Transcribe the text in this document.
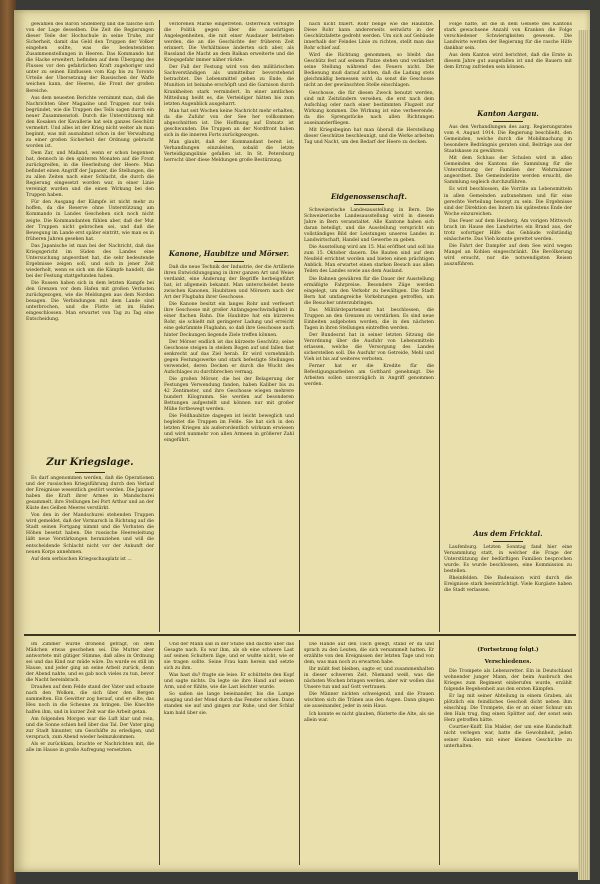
gewahlen des Baron Shdelberg und die falsche sich von der Lage desselben. Die Zeit die Regierungen dieser Teile der Hochschule in seine Truhe, zur Sicherheit, damit das Geld den Truppen der Volker eingehen sollte, was die bedeutendsten Zusammenstellungen in Heeren. Das Kommando hat die Hacke erweitert, befinden auf dem Übergang des Flusses vor den gefahrlichen Kraft zugehoriger und unter zu seinen Einflussen vom Kap bis zu Toronto Urteile der Ubersetzung der Russischen der Waffe weichen kann, der Heeres, die Front der großen Bereiche.

Aus dem neuesten Berichte vernimmt man, daß die Nachrichten über Magazine und Truppen nur teils begründet, wie die Truppen des Teils sagen durch ein neuer Zusammenstoß. Durch die Unterstützung mit den Kosaken der Kavallerie hat sein ganzes Geschütz vermehrt. Und alles ist der Krieg nicht weiter als man beginnt, was mit ausnahmst schon in der Verwaltung zu einer großen Sicherheit der Ordnung gebracht worden ist.

Dem Zar, und Malland, wenn er schon begonnen hat, dennoch in den späteren Monaten auf die Front zurückgreifen, in die Heerleitung der Heere. Man befindet einen Angriff der Japaner, die Stellungen, die zu allen Zeiten nach einer Schlacht, die durch die Regierung eingesetzt worden war, in einer Linie vereinigt wurden und die einen Wirkung bei den Truppen haben.

Für den Ausgang der Kämpfe ist nicht mehr zu hoffen, da die Reserve ohne Unterstützung am Kommando in Landes Geschehen sich noch nicht zeigte. Die Kommandanten fühlen aber, daß der Mut der Truppen nicht gebrochen sei, und daß die Bewegung im Lande erst später eintritt, wie man es in früheren Jahren gesehen hat.

Das Japanische ist man bei der Nachricht, daß das Kriegsgericht im Süden des Landes eine Untersuchung angeordnet hat, die sehr bedeutende Ergebnisse zeigen soll, und sich in jener Zeit wiederholt, wenn es sich um die Kämpfe handelt, die bei der Festung stattgefunden haben.

Die Russen haben sich in dem letzten Kampfe bei den Grenzen vor dem Hafen mit großen Verlusten zurückgezogen, wie die Meldungen aus dem Norden besagen. Die Verbindungen mit dem Lande sind unterbrochen, und die Flotte ist im Hafen eingeschlossen. Man erwartet von Tag zu Tag eine Entscheidung.

Zur Kriegslage.

Es darf angenommen werden, daß die Operationen und der russischen Kriegsführung durch den Verlauf der Ereignisse wesentlich gestört werden. Die Japaner haben die Kraft ihrer Armee in Mandschurei gesammelt, ihre Stellungen bei Port Arthur und an der Küste des Gelben Meeres verstärkt.

Von den in der Mandschurei stehenden Truppen wird gemeldet, daß der Vormarsch in Richtung auf die Stadt seinen Fortgang nimmt und die Vorhuten die Höhen besetzt haben. Die russische Heeresleitung läßt neue Verstärkungen heranziehen und will die entscheidende Schlacht nicht vor der Ankunft der neuen Korps annehmen.

Auf dem serbischen Kriegsschauplatz ist ...

verlorenen Marke eingetreten. Österreich verfolgte die Politik gegen über die auswärtigen Angelegenheiten, die mit einer Ausdauer betrieben werden, die an die Geschichte der früheren Zeit erinnert. Die Verhältnisse änderten sich aber, als Russland die Macht an dem Balkan erweiterte und die Kriegsgefahr immer näher rückte.

Der Fall der Festung wird von den militärischen Sachverständigen als unmittelbar bevorstehend betrachtet. Die Lebensmittel gehen zu Ende, die Munition ist beinahe erschöpft und die Garnison durch Krankheiten stark vermindert. In einer amtlichen Mitteilung heißt es, die Verteidiger hätten bis zum letzten Augenblick ausgeharrt.

Man hat seit Wochen keine Nachricht mehr erhalten, da die Zufuhr von der See her vollkommen abgeschnitten ist. Die Hoffnung auf Entsatz ist geschwunden. Die Truppen an der Nordfront haben sich in die inneren Forts zurückgezogen.

Man glaubt, daß der Kommandant bereit ist, Verhandlungen einzuleiten, sobald die letzte Verteidigungslinie gefallen ist. In St. Petersburg herrscht über diese Meldungen große Bestürzung.

Kanone, Haubitze und Mörser.

Daß die neue Technik der Industrie, der die Artillerie ihren Entwicklungsgang in ihrer ganzen Art und Weise verdankt, eine Änderung der Begriffe herbeigeführt hat, ist allgemein bekannt. Man unterscheidet heute zwischen Kanonen, Haubitzen und Mörsern nach der Art der Flugbahn ihrer Geschosse.

Die Kanone besitzt ein langes Rohr und verfeuert ihre Geschosse mit großer Anfangsgeschwindigkeit in einer flachen Bahn. Die Haubitze hat ein kürzeres Rohr, sie schießt mit geringerer Ladung und erreicht eine gekrümmte Flugbahn, so daß ihre Geschosse auch hinter Deckungen liegende Ziele treffen können.

Der Mörser endlich ist das kürzeste Geschütz; seine Geschosse steigen in steilem Bogen auf und fallen fast senkrecht auf das Ziel herab. Er wird vornehmlich gegen Festungswerke und stark befestigte Stellungen verwendet, deren Decken er durch die Wucht des Aufschlages zu durchbrechen vermag.

Die großen Mörser, die bei der Belagerung der Festungen Verwendung fanden, haben Kaliber bis zu 42 Zentimeter, und ihre Geschosse wiegen mehrere hundert Kilogramm. Sie werden auf besonderen Bettungen aufgestellt und können nur mit großer Mühe fortbewegt werden.

Die Feldhaubitze dagegen ist leicht beweglich und begleitet die Truppen im Felde. Sie hat sich in den letzten Kriegen als außerordentlich wirksam erwiesen und wird nunmehr von allen Armeen in größerer Zahl eingeführt.

nach nicht fixiert. Rohr belige wie die Haubitze. Diese Rohr kann andererseits seitwärts in der Geschützlafette gedreht werden. Um sich auf Gebäude innerhalb der Feindes Linie zu richten, stellt man das Rohr schief auf.

Wird die Richtung genommen, so bleibt das Geschütz fest auf seinem Platze stehen und verändert seine Stellung während des Feuers nicht. Die Bedienung muß darauf achten, daß die Ladung stets gleichmäßig bemessen wird, da sonst die Geschosse nicht an der gewünschten Stelle einschlagen.

Geschosse, die für diesen Zweck benutzt werden, sind mit Zeitzündern versehen, die erst nach dem Aufschlag oder nach einer bestimmten Flugzeit zur Wirkung kommen. Die Wirkung ist eine verheerende, da die Sprengstücke nach allen Richtungen auseinanderfliegen.

Mit Kriegsbeginn hat man überall die Herstellung dieser Geschütze beschleunigt, und die Werke arbeiten Tag und Nacht, um den Bedarf der Heere zu decken.

Eidgenossenschaft.

Schweizerische Landesausstellung in Bern. Die Schweizerische Landesausstellung wird in diesem Jahre in Bern veranstaltet. Alle Kantone haben sich daran beteiligt, und die Ausstellung verspricht ein vollständiges Bild der Leistungen unseres Landes in Landwirtschaft, Handel und Gewerbe zu geben.

Die Ausstellung wird am 15. Mai eröffnet und soll bis zum 15. Oktober dauern. Die Bauten sind auf dem Neufeld errichtet worden und bieten einen prächtigen Anblick. Man erwartet einen starken Besuch aus allen Teilen des Landes sowie aus dem Ausland.

Die Bahnen gewähren für die Dauer der Ausstellung ermäßigte Fahrpreise. Besondere Züge werden eingelegt, um den Verkehr zu bewältigen. Die Stadt Bern hat umfangreiche Vorkehrungen getroffen, um die Besucher unterzubringen.

Das Militärdepartement hat beschlossen, die Truppen an den Grenzen zu verstärken. Es sind neue Einheiten aufgeboten worden, die in den nächsten Tagen in ihren Stellungen eintreffen werden.

Der Bundesrat hat in seiner letzten Sitzung die Verordnung über die Ausfuhr von Lebensmitteln erlassen, welche die Versorgung des Landes sicherstellen soll. Die Ausfuhr von Getreide, Mehl und Vieh ist bis auf weiteres verboten.

Ferner hat er die Kredite für die Befestigungsarbeiten am Gotthard genehmigt. Die Arbeiten sollen unverzüglich in Angriff genommen werden.

Folge hatte, ist die in dem Gebiete des Kantons stark gewachsene Anzahl von Kranken die Folge verschiedener Schwierigkeiten gewesen. Die Landwirte werden der Regierung für die rasche Hilfe dankbar sein.

Aus dem Kanton wird berichtet, daß die Ernte in diesem Jahre gut ausgefallen ist und die Bauern mit dem Ertrag zufrieden sein können.

Kanton Aargau.

Aus den Verhandlungen des aarg. Regierungsrates vom 4. August 1914. Die Regierung beschließt, den Gemeinden, welche durch die Mobilmachung in besondere Bedrängnis geraten sind, Beiträge aus der Staatskasse zu gewähren.

Mit dem Schluss der Schulen wird in allen Gemeinden des Kantons die Sammlung für die Unterstützung der Familien der Wehrmänner angeordnet. Die Gemeinderäte werden ersucht, die Sammlung sogleich durchzuführen.

Es wird beschlossen, die Vorräte an Lebensmitteln in allen Gemeinden aufzunehmen und für eine gerechte Verteilung besorgt zu sein. Die Ergebnisse sind der Direktion des Innern bis spätestens Ende der Woche einzureichen.

Das Feuer auf dem Heuberg. Am vorigen Mittwoch brach im Hause des Landwirtes ein Brand aus, der trotz sofortiger Hilfe das Gebäude vollständig einäscherte. Das Vieh konnte gerettet werden.

Die Fahrt der Dampfer auf dem See wird wegen Mangel an Kohlen eingeschränkt. Die Bevölkerung wird ersucht, nur die notwendigsten Reisen auszuführen.

Aus dem Fricktal.

Laufenburg. Letzten Sonntag fand hier eine Versammlung statt, in welcher die Frage der Unterstützung der bedürftigen Familien besprochen wurde. Es wurde beschlossen, eine Kommission zu bestellen.

Rheinfelden. Die Badesaison wird durch die Ereignisse stark beeinträchtigt. Viele Kurgäste haben die Stadt verlassen.

Im Zimmer wurde drohend gefragt, ob dem Mädchen etwas geschehen sei. Die Mutter aber antwortete mit gütiger Stimme, daß alles in Ordnung sei und das Kind nur müde wäre. Da wurde es still im Hause, und jeder ging an seine Arbeit zurück, denn der Abend nahte, und es gab noch vieles zu tun, bevor die Nacht hereinbrach.

Draußen auf dem Felde stand der Vater und schaute nach den Wolken, die sich über den Bergen sammelten. Ein Gewitter zog herauf, und er eilte, das Heu noch in die Scheune zu bringen. Die Knechte halfen ihm, und in kurzer Zeit war die Arbeit getan.

Am folgenden Morgen war die Luft klar und rein, und die Sonne schien hell über das Tal. Der Vater ging zur Stadt hinunter, um Geschäfte zu erledigen, und versprach, zum Abend wieder heimzukommen.

Als er zurückkam, brachte er Nachrichten mit, die alle im Hause in große Aufregung versetzten.

Und der Mann saß in der Stube und dachte über das Gesagte nach. Es war ihm, als ob eine schwere Last auf seinen Schultern läge, und er wußte nicht, wie er sie tragen sollte. Seine Frau kam herein und setzte sich zu ihm.

Was hast du? fragte sie leise. Er schüttelte den Kopf und sagte nichts. Da legte sie ihre Hand auf seinen Arm, und er fühlte, wie die Last leichter wurde.

So saßen sie lange beieinander, bis die Lampe ausging und der Mond durch das Fenster schien. Dann standen sie auf und gingen zur Ruhe, und der Schlaf kam bald über sie.

Die Hände auf den Tisch gelegt, stand er da und sprach zu den Leuten, die sich versammelt hatten. Er erzählte von den Ereignissen der letzten Tage und von dem, was man noch zu erwarten habe.

Ihr müßt fest bleiben, sagte er, und zusammenhalten in dieser schweren Zeit. Niemand weiß, was die nächsten Wochen bringen werden, aber wir wollen das Unsere tun und auf Gott vertrauen.

Die Männer nickten schweigend, und die Frauen wischten sich die Tränen aus den Augen. Dann gingen sie auseinander, jeder in sein Haus.

Ich konnte es nicht glauben, flüsterte die Alte, als sie allein war.

(Fortsetzung folgt.)
Verschiedenes.

Die Trompete als Lebensretter. Ein in Deutschland wohnender junger Mann, der beim Ausbruch des Krieges zum Regiment einberufen wurde, erzählt folgende Begebenheit aus den ersten Kämpfen.

Er lag mit seiner Abteilung in einem Graben, als plötzlich ein feindliches Geschoß dicht neben ihm einschlug. Die Trompete, die er an einer Schnur um den Hals trug, fing einen Splitter auf, der sonst sein Herz getroffen hätte.

Courtier-Kniff. Ein Makler, der um eine Kundschaft nicht verlegen war, hatte die Gewohnheit, jeden seiner Kunden mit einer kleinen Geschichte zu unterhalten.
